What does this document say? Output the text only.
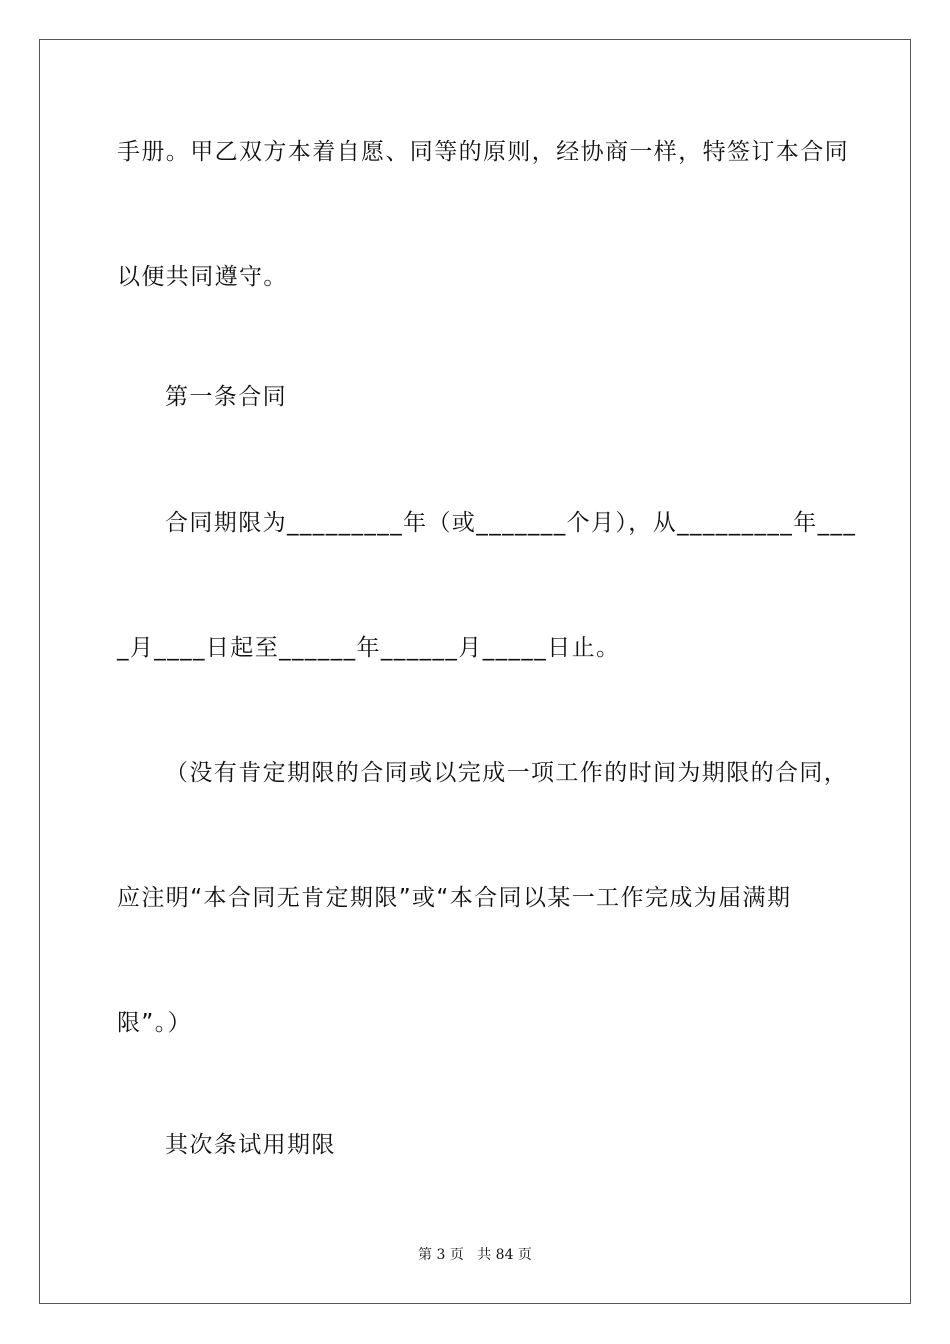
手册。甲乙双方本着自愿、同等的原则，经协商一样，特签订本合同
以便共同遵守。
第一条合同
合同期限为_________年（或_______个月），从_________年___
_月____日起至______年______月_____日止。
（没有肯定期限的合同或以完成一项工作的时间为期限的合同，
应注明“本合同无肯定期限”或“本合同以某一工作完成为届满期
限”。）
其次条试用期限
第 3 页 共 84 页
